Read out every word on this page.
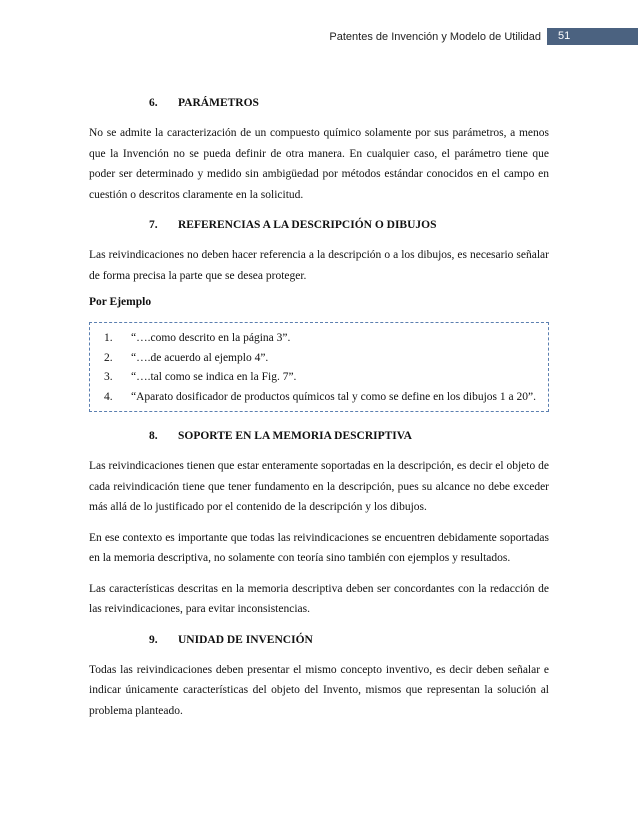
Patentes de Invención y Modelo de Utilidad 51
6.	PARÁMETROS

No se admite la caracterización de un compuesto químico solamente por sus parámetros, a menos que la Invención no se pueda definir de otra manera. En cualquier caso, el parámetro tiene que poder ser determinado y medido sin ambigüedad por métodos estándar conocidos en el campo en cuestión o descritos claramente en la solicitud.

7.	REFERENCIAS A LA DESCRIPCIÓN O DIBUJOS

Las reivindicaciones no deben hacer referencia a la descripción o a los dibujos, es necesario señalar de forma precisa la parte que se desea proteger.

Por Ejemplo
1.	“….como descrito en la página 3”.
2.	“….de acuerdo al ejemplo 4”.
3.	“….tal como se indica en la Fig. 7”.
4.	“Aparato dosificador de productos químicos tal y como se define en los dibujos 1 a 20”.
8.	SOPORTE EN LA MEMORIA DESCRIPTIVA

Las reivindicaciones tienen que estar enteramente soportadas en la descripción, es decir el objeto de cada reivindicación tiene que tener fundamento en la descripción, pues su alcance no debe exceder más allá de lo justificado por el contenido de la descripción y los dibujos.

En ese contexto es importante que todas las reivindicaciones se encuentren debidamente soportadas en la memoria descriptiva, no solamente con teoría sino también con ejemplos y resultados.

Las características descritas en la memoria descriptiva deben ser concordantes con la redacción de las reivindicaciones, para evitar inconsistencias.

9.	UNIDAD DE INVENCIÓN

Todas las reivindicaciones deben presentar el mismo concepto inventivo, es decir deben señalar e indicar únicamente características del objeto del Invento, mismos que representan la solución al problema planteado.
